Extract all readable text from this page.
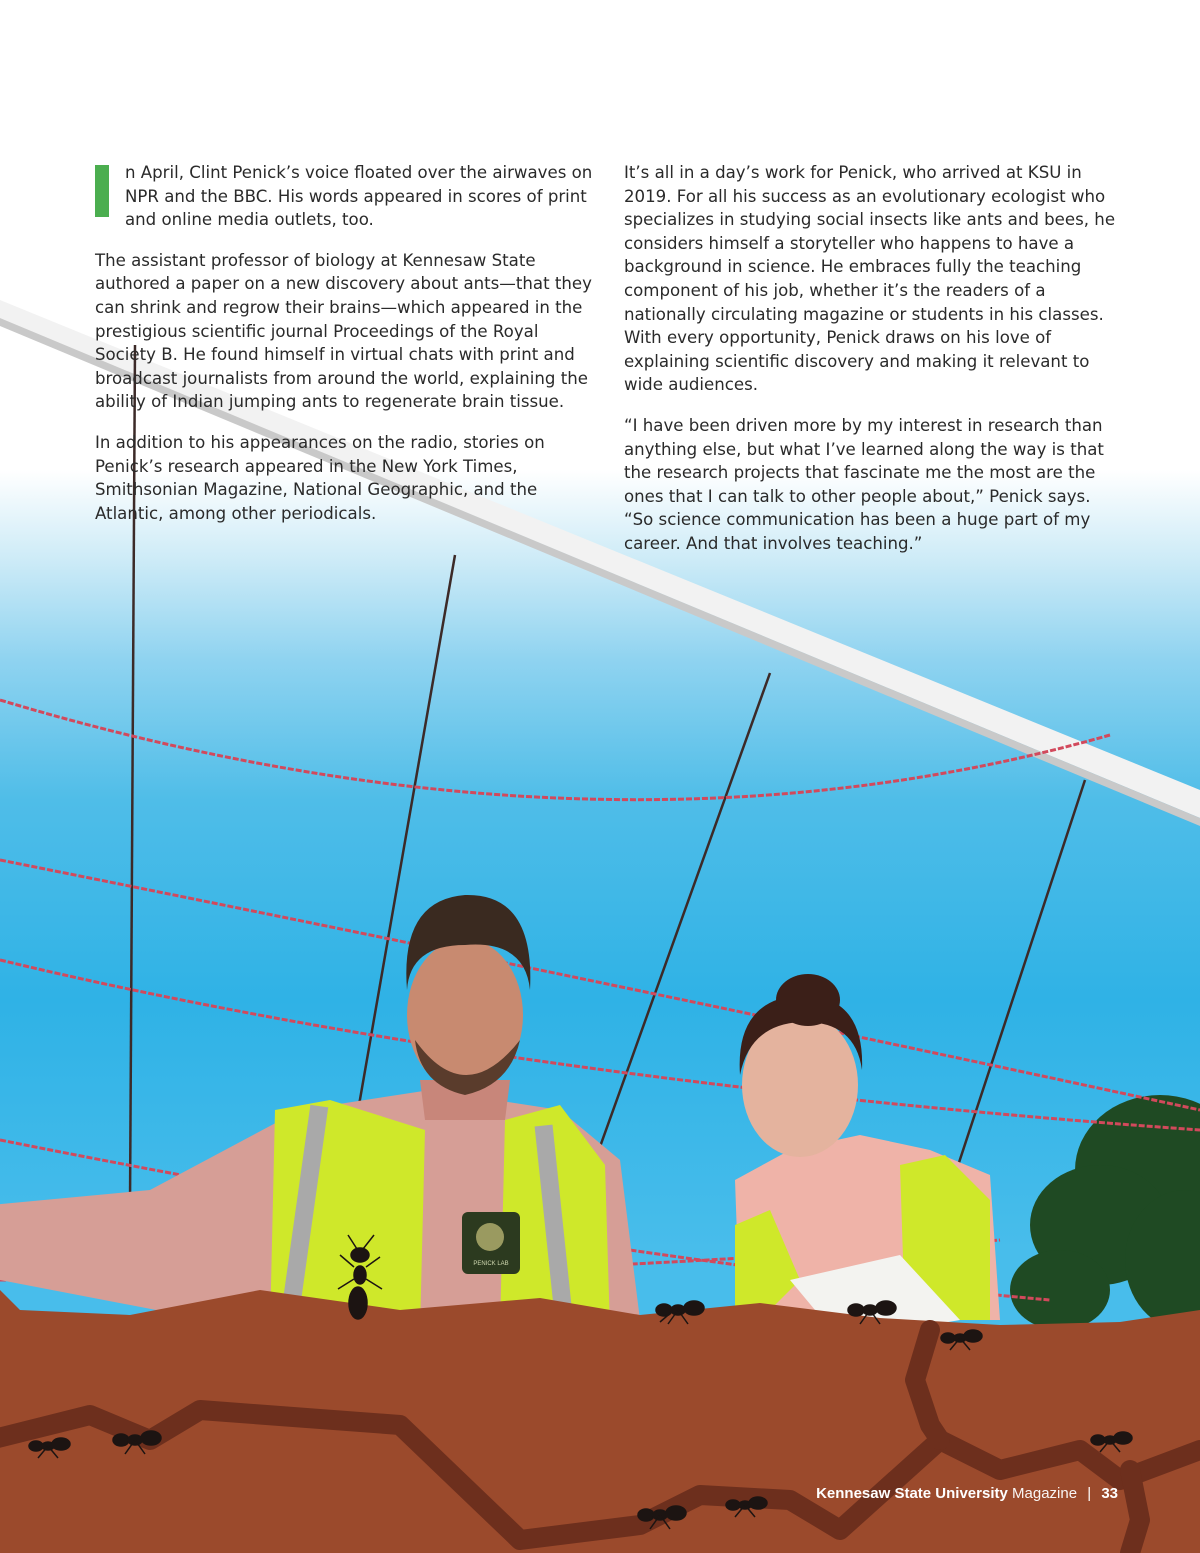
PENICK LAB

n April, Clint Penick’s voice floated over the airwaves on NPR and the BBC. His words appeared in scores of print and online media outlets, too.

The assistant professor of biology at Kennesaw State authored a paper on a new discovery about ants—that they can shrink and regrow their brains—which appeared in the prestigious scientific journal Proceedings of the Royal Society B. He found himself in virtual chats with print and broadcast journalists from around the world, explaining the ability of Indian jumping ants to regenerate brain tissue.

In addition to his appearances on the radio, stories on Penick’s research appeared in the New York Times, Smithsonian Magazine, National Geographic, and the Atlantic, among other periodicals.

It’s all in a day’s work for Penick, who arrived at KSU in 2019. For all his success as an evolutionary ecologist who specializes in studying social insects like ants and bees, he considers himself a storyteller who happens to have a background in science. He embraces fully the teaching component of his job, whether it’s the readers of a nationally circulating magazine or students in his classes. With every opportunity, Penick draws on his love of explaining scientific discovery and making it relevant to wide audiences.

“I have been driven more by my interest in research than anything else, but what I’ve learned along the way is that the research projects that fascinate me the most are the ones that I can talk to other people about,” Penick says. “So science communication has been a huge part of my career. And that involves teaching.”

Kennesaw State University Magazine | 33
